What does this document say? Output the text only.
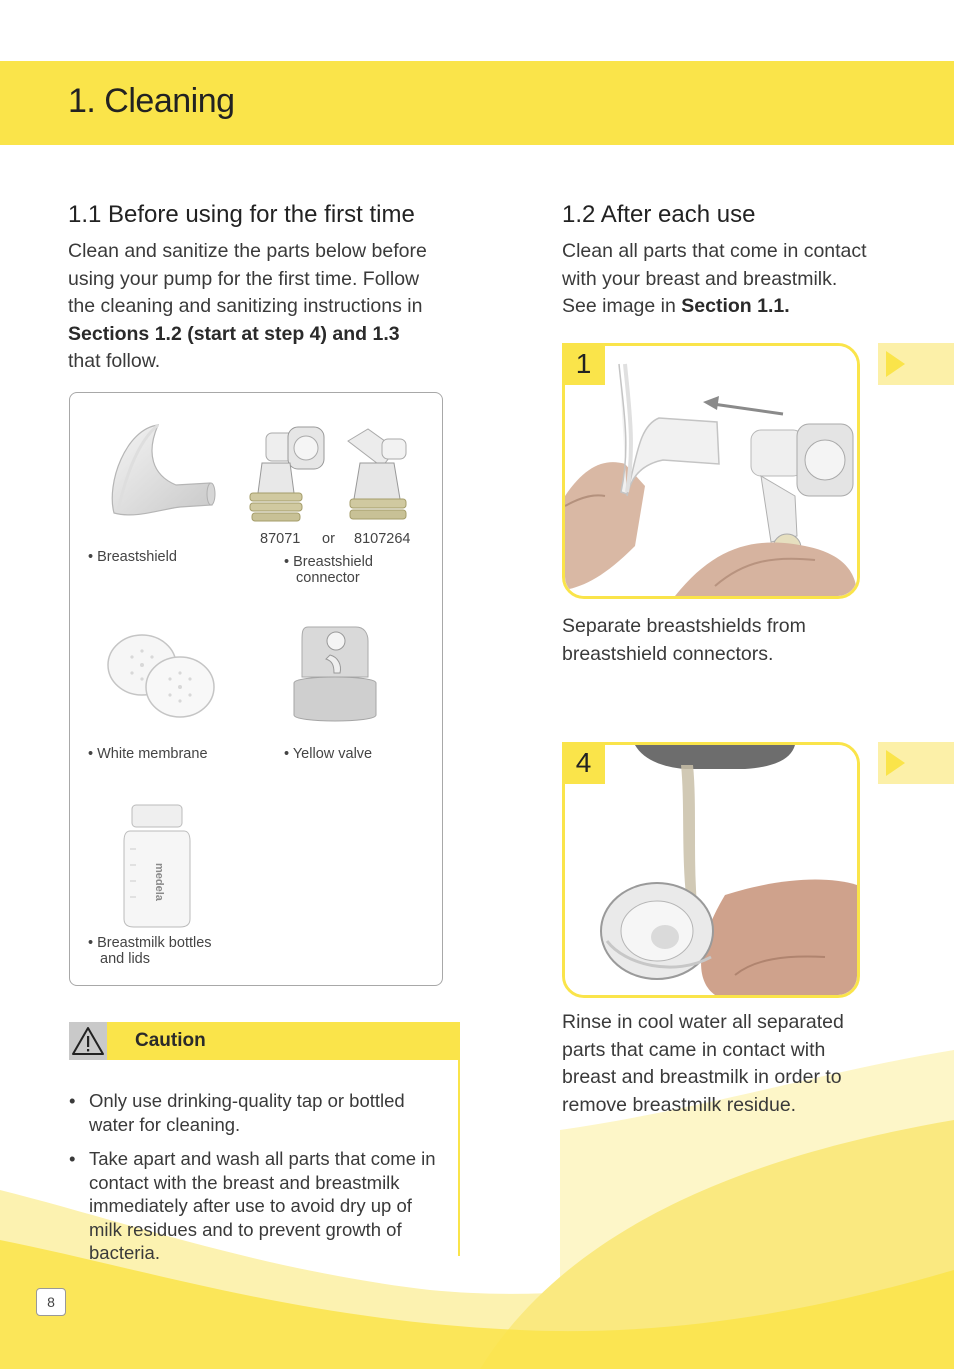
1. Cleaning
1.1 Before using for the first time
Clean and sanitize the parts below before
using your pump for the first time. Follow
the cleaning and sanitizing instructions in
Sections 1.2 (start at step 4) and 1.3
that follow.
• Breastshield
87071 or 8107264
• Breastshield
connector
• White membrane	• Yellow valve
medela
• Breastmilk bottles
and lids
Caution
• Only use drinking-quality tap or bottled water for cleaning.
• Take apart and wash all parts that come in contact with the breast and breastmilk immediately after use to avoid dry up of milk residues and to prevent growth of bacteria.
1.2 After each use
Clean all parts that come in contact
with your breast and breastmilk.
See image in Section 1.1.
1
Separate breastshields from
breastshield connectors.
4
Rinse in cool water all separated
parts that came in contact with
breast and breastmilk in order to
remove breastmilk residue.
8
